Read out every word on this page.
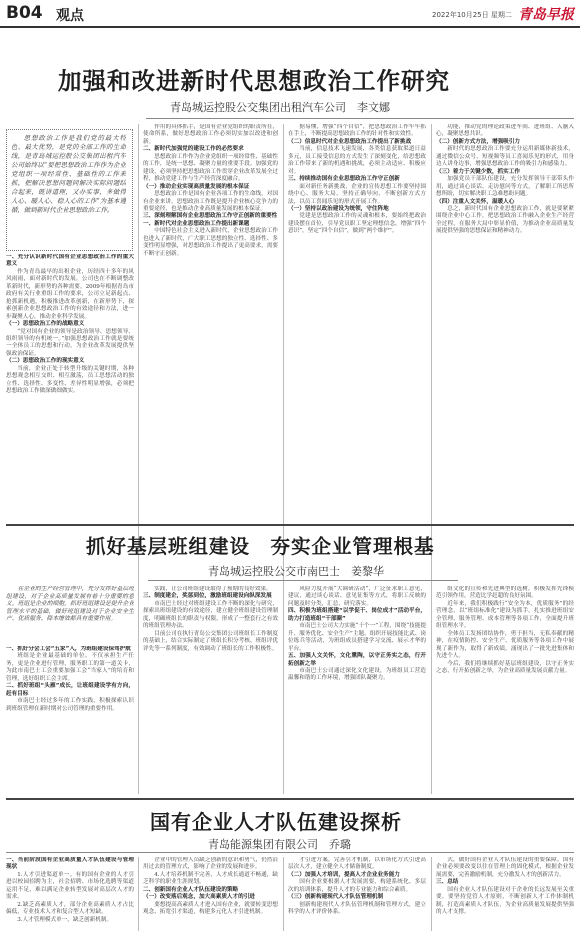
B04 观点	2022年10月25日 星期二 青岛早报
加强和改进新时代思想政治工作研究
青岛城运控股公交集团出租汽车公司　李文娜

思想政治工作是我们党的最大特色、最大优势，是党的全部工作的生命线，是青岛城运控股公交集团出租汽车公司始终以“要把思想政治工作作为企业党组织一项经常性、基础性的工作来抓，把解决思想问题同解决实际问题结合起来，既讲道理，又办实事，多做得人心、暖人心、稳人心的工作”为基本遵循，做到新时代企业思想政治工作。

一、充分认识新时代国有企业思想政治工作的重大意义

作为青岛最早的出租企业，历经四十多年的风风雨雨，面对新时代的发展，公司也在不断调整改革新时代，新形势的各种需要。2009年根据青岛市政府有关行业重组工作的要求，公司立足新起点、抢抓新机遇，积极推进改革创新，在新形势下，探索创新企业思想政治工作的有效途径和方法，进一步凝聚人心，推动企业科学发展。

（一）思想政治工作的战略意义

“党对国有企业的领导是政治领导、思想领导、组织领导的有机统一。”加强思想政治工作就是要统一全体员工的思想和行动，为企业改革发展提供坚强政治保证。

（二）思想政治工作的现实意义

当前，企业正处于转型升级的关键时期，各种思想观念相互交织、相互激荡，员工思想活动的独立性、选择性、多变性、差异性明显增强，必须把思想政治工作做深做细做实。

作用的具体抓手，是国有企业党组织的职责所在，使命所系，做好思想政治工作必须切实加以改进和创新。

二、新时代加强党的建设工作的必然要求

思想政治工作作为企业党组织一项经常性、基础性的工作，是统一思想、凝聚力量的重要手段。加强党的建设，必须坚持把思想政治工作贯穿企业改革发展全过程，推动党建工作与生产经营深度融合。

（一）推动企业实现高质量发展的根本保证

思想政治工作是国有企业各项工作的生命线，对国有企业来讲，思想政治工作既是提升企业核心竞争力的重要途径，也是推动企业高质量发展的根本保证。

三、深刻理解国有企业思想政治工作守正创新的重要性

一、新时代对企业思想政治工作提出新课题

中国特色社会主义进入新时代，企业思想政治工作也进入了新时代，广大职工思想的独立性、选择性、多变性明显增强，对思想政治工作提出了更高要求，需要不断守正创新。

据易懂，增强“四个自信”，把思想政治工作牢牢抓在手上，不断提高思想政治工作的针对性和实效性。

（二）信息时代对企业思想政治工作提出了新挑战

当前，信息技术飞速发展，各类信息获取渠道日益多元，员工接受信息的方式发生了深刻变化，给思想政治工作带来了新的机遇和挑战，必须主动适应、积极应对。

三、持续推动国有企业思想政治工作守正创新

面对新任务新挑战，企业的宣传思想工作要坚持围绕中心、服务大局，坚持正确导向，不断创新方式方法，以员工喜闻乐见的形式开展工作。

（一）坚持以政治建设为统领，守住阵地

党建是思想政治工作的灵魂和根本，要始终把政治建设摆在首位，引导党员职工坚定理想信念，增强“四个意识”，坚定“四个自信”，做到“两个维护”。

功能，推动党的理论政策进车间、进班组、入脑入心，凝聚思想共识。

（二）创新方式方法，增强吸引力

新时代的思想政治工作要充分运用新媒体新技术，通过微信公众号、短视频等员工喜闻乐见的形式，用身边人讲身边事，增强思想政治工作的吸引力和感染力。

（三）着力于关键少数，抓实工作

加强党员干部队伍建设，充分发挥领导干部带头作用，通过谈心谈话、走访慰问等方式，了解职工所思所想所盼，切实解决职工急难愁盼问题。

（四）注重人文关怀，温暖人心

总之，新时代国有企业思想政治工作，就是要紧紧围绕企业中心工作，把思想政治工作融入企业生产经营全过程，在服务大局中彰显价值，为推动企业高质量发展提供坚强的思想保证和精神动力。

抓好基层班组建设　夯实企业管理根基
青岛城运控股公交市南巴士　姜黎华

在企业的生产经营管理中，充分发挥好基层班组建设，对于企业高质量发展有着十分重要的意义。班组是企业的细胞，抓好班组建设是提升企业管理水平的基础，做好班组建设对于企业安全生产、优质服务、降本增效都具有重要作用。

一、抓好分会工会“五家”入，为班组建设保驾护航

班组是企业最基础的单位，不仅承担生产任务，更是企业进行管理，服务职工的第一道关卡，为此市南巴士工会重要加强工会“当家人”的培育和管理，选好组织工会主席。

二、抓好班组“头雁”成长，让班组建设学有方向，赶有目标

市南巴士经过多年的工作实践，积极探索认识到班组管理在新时期对公司管理的重要作用。

实践，让公司班组建设取得了预期的良好效果。

三、制度建企，奖惩到位，激励班组建设向纵深发展

市南巴士经过对班组建设工作不断的深化与研究，探索出班组建设的有效途径，建立健全班组建设管理制度，明确班组长的职责与权限，形成了一整套行之有效的班组管理办法。

目前公司在执行青岛公交集团公司班组长工作制度的基础上，结合实际制定了班组长积分考核、班组评优评先等一系列制度，有效调动了班组长的工作积极性。

风险力度开展“大调研活动”，广泛征求职工意见，建议，通过谈心谈话、意见征集等方式，将职工反映的问题及时分类，汇总，研究落实。

四、积极为班组搭建“以学促干、岗位成才”活动平台，助力打造班组“干部圈”

市南巴士公司大力实施“十个一”工程，围绕“技能提升、服务优化、安全生产”主题，组织开展技能比武、岗位练兵等活动，为班组成员搭建学习交流、展示才华的平台。

五、加强人文关怀，文化熏陶，以守正务实之态，行开拓创新之举

市南巴士公司通过深化文化建设，为班组员工营造温馨和谐的工作环境，增强团队凝聚力。

组文化的宣传和先进典型的选树，积极发挥先锋模范引领作用，营造比学赶超的良好氛围。

近年来，我们积极践行“安全为本，优质服务”的经营理念，以“班组标准化”建设为抓手，扎实推进班组安全管理、服务管理、成本管理等各项工作，全面提升班组管理水平。

全体员工发扬团结协作，勇于担当，无私奉献的精神，在疫情防控、安全生产、优质服务等各项工作中展现了新作为，取得了新成绩，涌现出了一批先进集体和先进个人。

今后，我们将继续抓好基层班组建设，以守正务实之态，行开拓创新之举，为企业高质量发展贡献力量。

国有企业人才队伍建设探析
青岛能源集团有限公司　乔璐

一、当前阶段国有企业高质量人才队伍建设与管理现状

1.人才引进渠道单一。有的国有企业的人才引进以校园招聘为主，社会招聘、市场化选聘等渠道运用不足，难以满足企业转型发展对高层次人才的需求。

2.缺乏高素质人才，部分企业高素质人才占比偏低，专业技术人才和复合型人才短缺。

3.人才管理模式单一，缺乏创新机制。

企业中的管理人员缺乏创新的意识和勇气，仍然沿用过去的管理方式，影响了企业的发展和进步。

4.人才培养机制不完善，人才成长通道不畅通，缺乏科学的职业生涯规划。

二、创新国有企业人才队伍建设的策略

（一）改变落后观念，加大高素质人才的引进

要想提高高素质人才进入国有企业，就要转变思想观念，拓宽引才渠道，构建多元化人才引进机制。

才引进方案，完善引才机制，以市场化方式引进高层次人才，建立健全人才储备制度。

（二）加强人才培训，提高人才企业业务能力

国有企业要根据人才发展需要，构建系统化、多层次的培训体系，提升人才的专业能力和综合素质。

（三）创新构建现代人才队伍管理机制

创新构建现代人才队伍管理机制和管理方式，建立科学的人才评价体系。

式，做好国有企业人才队伍建设的重要保障。国有企业必须要改变以往在管理上的固化模式，根据企业发展需要，完善激励机制，充分激发人才的创新活力。

三、总结

国有企业人才队伍建设对于企业的长远发展至关重要，要坚持党管人才原则，不断创新人才工作体制机制，打造高素质人才队伍，为企业高质量发展提供坚强的人才支撑。
